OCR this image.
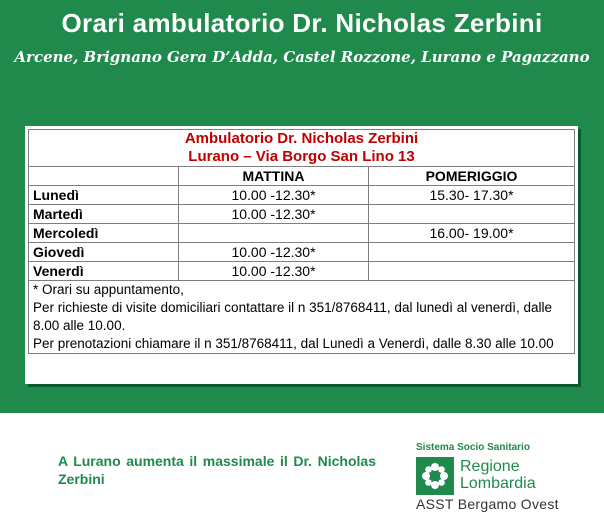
Orari ambulatorio Dr. Nicholas Zerbini
Arcene, Brignano Gera D’Adda, Castel Rozzone, Lurano e Pagazzano
Ambulatorio Dr. Nicholas Zerbini
Lurano – Via Borgo San Lino 13		

	MATTINA	POMERIGGIO
Lunedì	10.00 -12.30*	15.30- 17.30*
Martedì	10.00 -12.30*	
Mercoledì		16.00- 19.00*
Giovedì	10.00 -12.30*	
Venerdì	10.00 -12.30*	

* Orari su appuntamento,
Per richieste di visite domiciliari contattare il n 351/8768411, dal lunedì al venerdì, dalle 8.00 alle 10.00.
Per prenotazioni chiamare il n 351/8768411, dal Lunedì a Venerdì, dalle 8.30 alle 10.00		
A Lurano aumenta il massimale il Dr. Nicholas Zerbini
Sistema Socio Sanitario
Regione
Lombardia
ASST Bergamo Ovest
